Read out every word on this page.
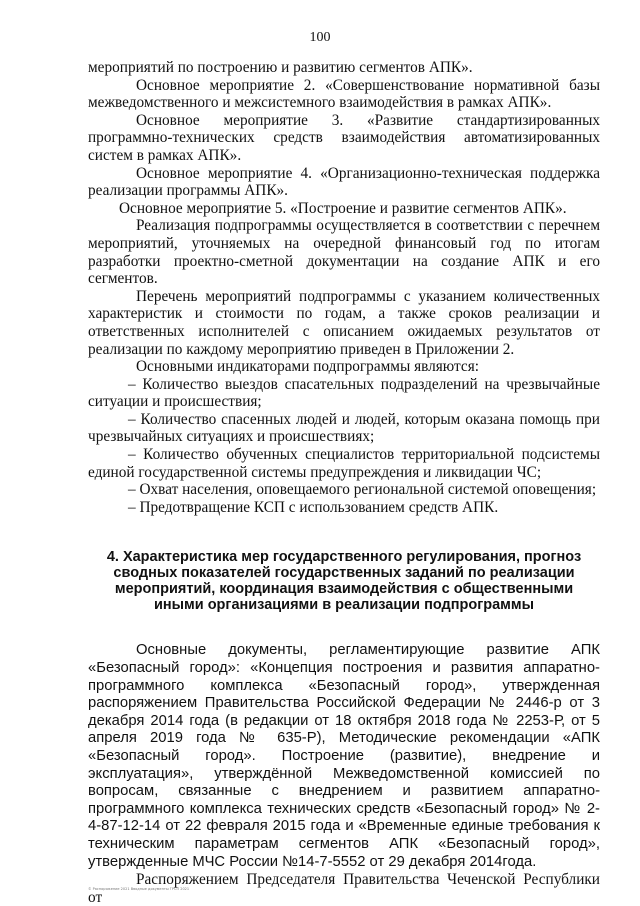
100

мероприятий по построению и развитию сегментов АПК».

Основное мероприятие 2. «Совершенствование нормативной базы межведомственного и межсистемного взаимодействия в рамках АПК».

Основное мероприятие 3. «Развитие стандартизированных программно-технических средств взаимодействия автоматизированных систем в рамках АПК».

Основное мероприятие 4. «Организационно-техническая поддержка реализации программы АПК».

Основное мероприятие 5. «Построение и развитие сегментов АПК».

Реализация подпрограммы осуществляется в соответствии с перечнем мероприятий, уточняемых на очередной финансовый год по итогам разработки проектно-сметной документации на создание АПК и его сегментов.

Перечень мероприятий подпрограммы с указанием количественных характеристик и стоимости по годам, а также сроков реализации и ответственных исполнителей с описанием ожидаемых результатов от реализации по каждому мероприятию приведен в Приложении 2.

Основными индикаторами подпрограммы являются:

– Количество выездов спасательных подразделений на чрезвычайные ситуации и происшествия;

– Количество спасенных людей и людей, которым оказана помощь при чрезвычайных ситуациях и происшествиях;

– Количество обученных специалистов территориальной подсистемы единой государственной системы предупреждения и ликвидации ЧС;

– Охват населения, оповещаемого региональной системой оповещения;

– Предотвращение КСП с использованием средств АПК.

4. Характеристика мер государственного регулирования, прогноз сводных показателей государственных заданий по реализации мероприятий, координация взаимодействия с общественными иными организациями в реализации подпрограммы

Основные документы, регламентирующие развитие АПК «Безопасный город»: «Концепция построения и развития аппаратно-программного комплекса «Безопасный город», утвержденная распоряжением Правительства Российской Федерации № 2446-р от 3 декабря 2014 года (в редакции от 18 октября 2018 года № 2253-Р, от 5 апреля 2019 года № 635-Р), Методические рекомендации «АПК «Безопасный город». Построение (развитие), внедрение и эксплуатация», утверждённой Межведомственной комиссией по вопросам, связанные с внедрением и развитием аппаратно-программного комплекса технических средств «Безопасный город» № 2-4-87-12-14 от 22 февраля 2015 года и «Временные единые требования к техническим параметрам сегментов АПК «Безопасный город», утвержденные МЧС России №14-7-5552 от 29 декабря 2014года.

Распоряжением Председателя Правительства Чеченской Республики от

© Распоряжение 2021 Вводные документы ГРСП 2021
